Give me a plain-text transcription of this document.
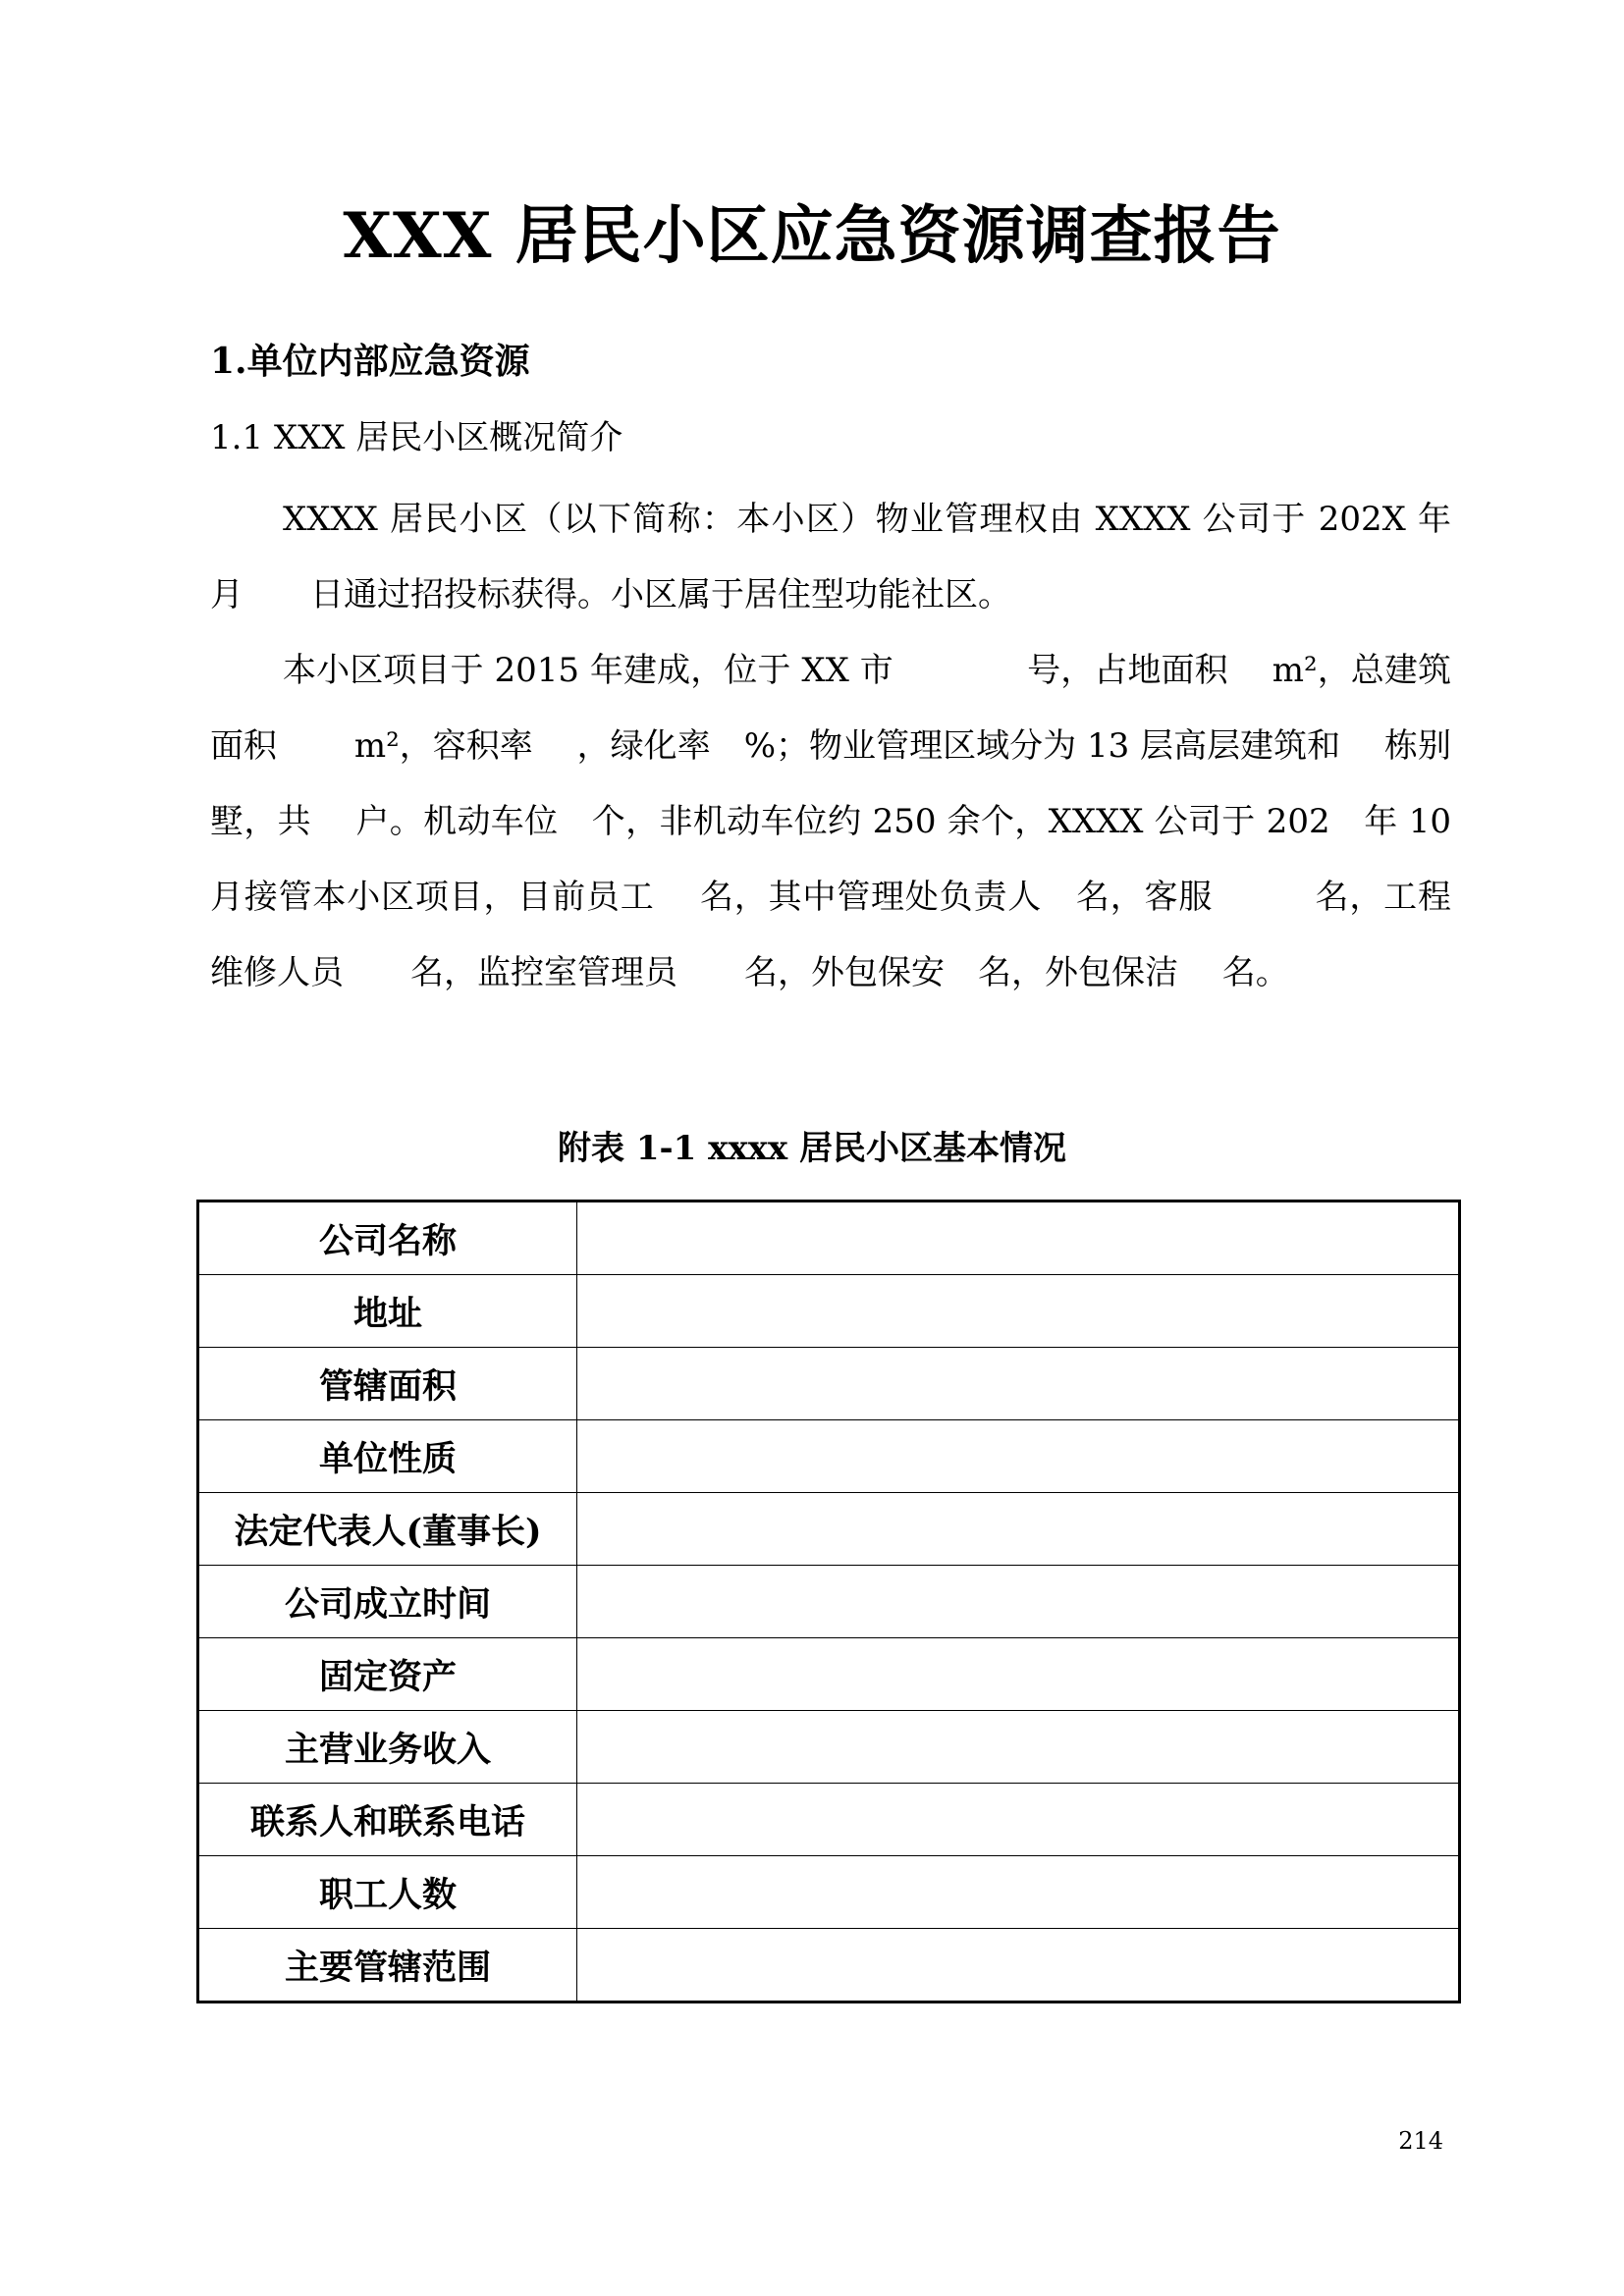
XXX 居民小区应急资源调查报告
1.单位内部应急资源
1.1 XXX 居民小区概况简介

XXXX 居民小区（以下简称：本小区）物业管理权由 XXXX 公司于 202X 年　　月　　日通过招投标获得。小区属于居住型功能社区。

本小区项目于 2015 年建成，位于 XX 市　　　　号，占地面积　 m²，总建筑面积　　 m²，容积率　 ，绿化率　%；物业管理区域分为 13 层高层建筑和　 栋别墅，共　 户。机动车位　个，非机动车位约 250 余个，XXXX 公司于 202　年 10 月接管本小区项目，目前员工　 名，其中管理处负责人　名，客服　　　名，工程维修人员　　名，监控室管理员　　名，外包保安　名，外包保洁　 名。

附表 1-1 xxxx 居民小区基本情况
公司名称	
地址	
管辖面积	
单位性质	
法定代表人(董事长)	
公司成立时间	
固定资产	
主营业务收入	
联系人和联系电话	
职工人数	
主要管辖范围	
214
